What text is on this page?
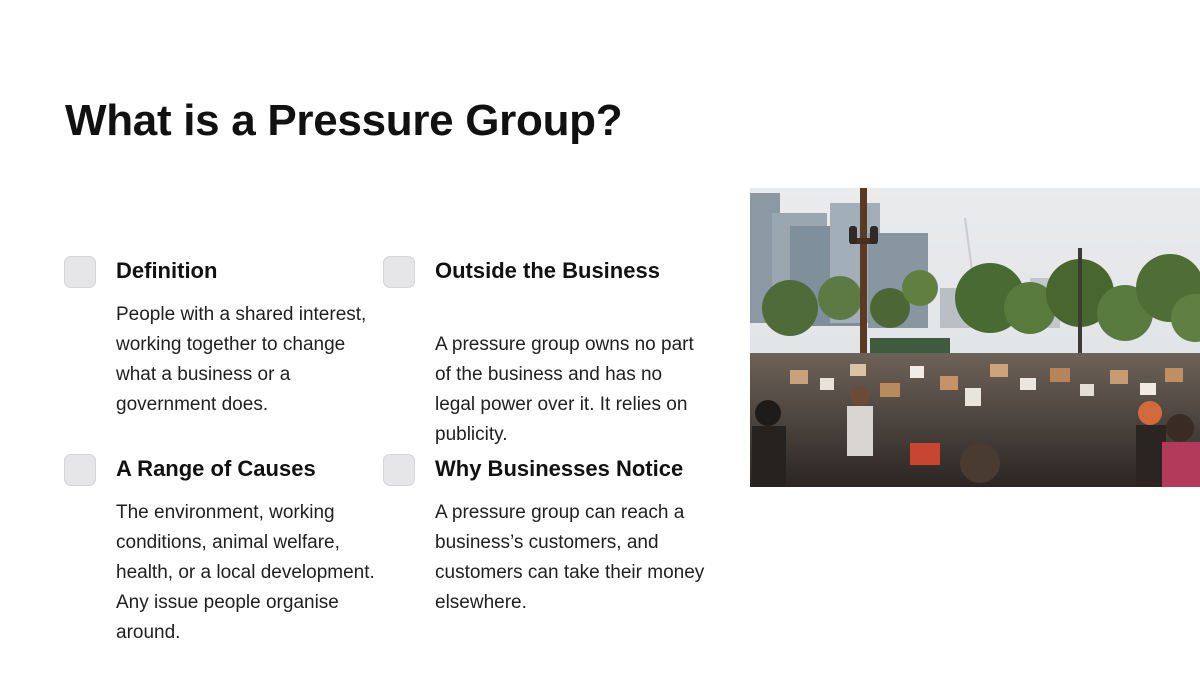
What is a Pressure Group?

Definition

People with a shared interest, working together to change what a business or a government does.

Outside the Business

A pressure group owns no part of the business and has no legal power over it. It relies on publicity.

A Range of Causes

The environment, working conditions, animal welfare, health, or a local development. Any issue people organise around.

Why Businesses Notice

A pressure group can reach a business’s customers, and customers can take their money elsewhere.
